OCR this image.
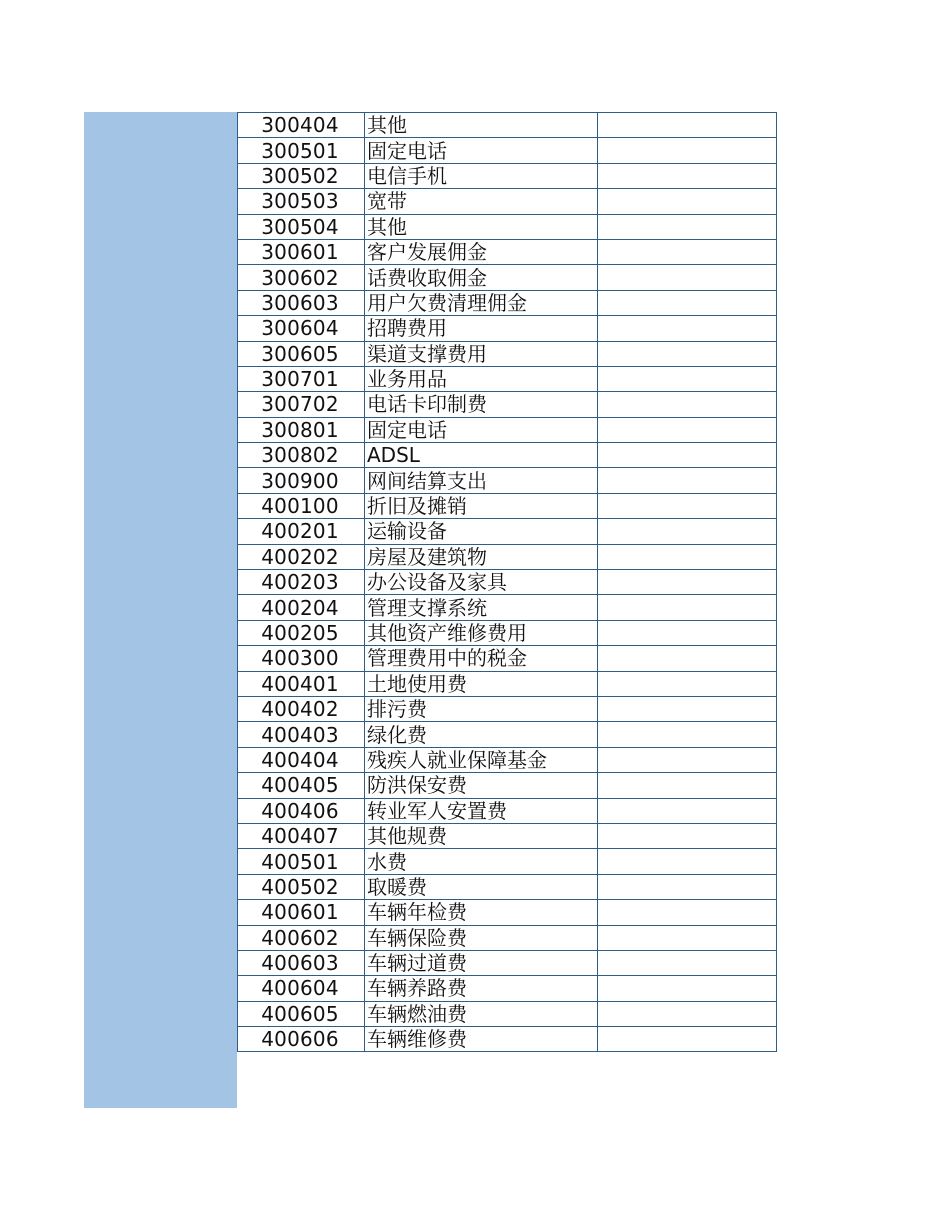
300404	其他	
300501	固定电话	
300502	电信手机	
300503	宽带	
300504	其他	
300601	客户发展佣金	
300602	话费收取佣金	
300603	用户欠费清理佣金	
300604	招聘费用	
300605	渠道支撑费用	
300701	业务用品	
300702	电话卡印制费	
300801	固定电话	
300802	ADSL	
300900	网间结算支出	
400100	折旧及摊销	
400201	运输设备	
400202	房屋及建筑物	
400203	办公设备及家具	
400204	管理支撑系统	
400205	其他资产维修费用	
400300	管理费用中的税金	
400401	土地使用费	
400402	排污费	
400403	绿化费	
400404	残疾人就业保障基金	
400405	防洪保安费	
400406	转业军人安置费	
400407	其他规费	
400501	水费	
400502	取暖费	
400601	车辆年检费	
400602	车辆保险费	
400603	车辆过道费	
400604	车辆养路费	
400605	车辆燃油费	
400606	车辆维修费	
